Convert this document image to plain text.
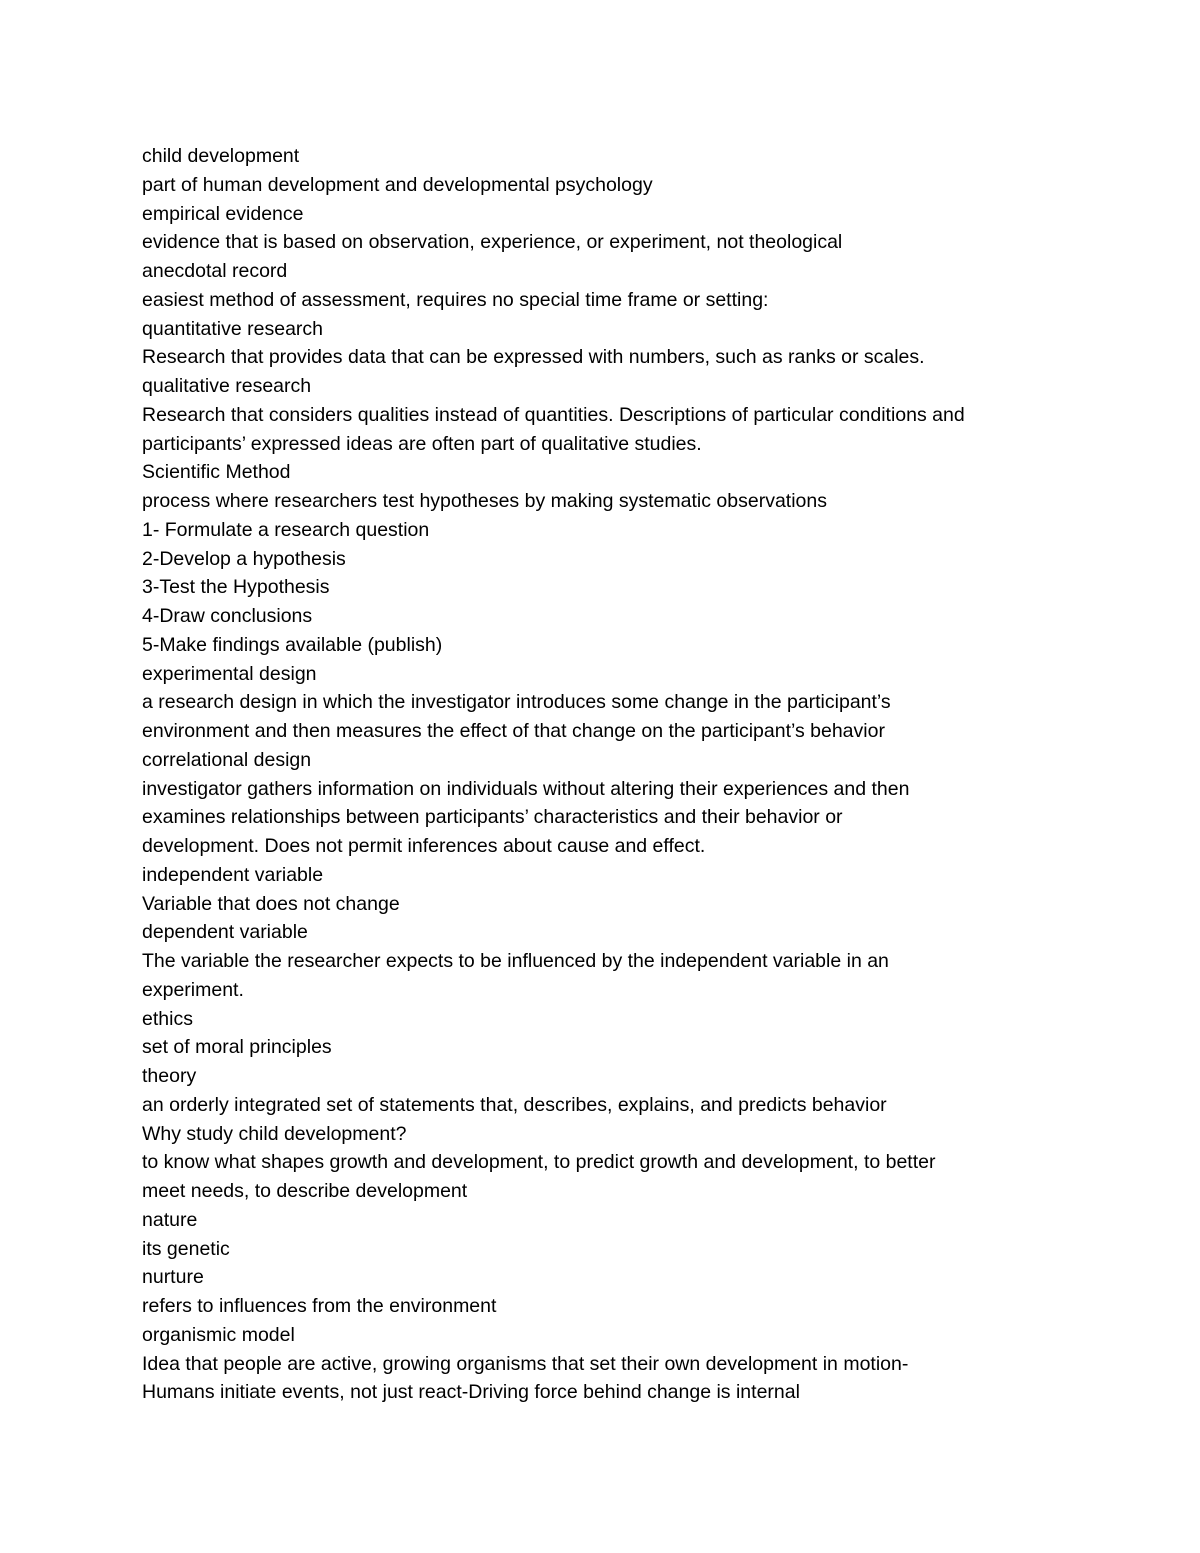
child development

part of human development and developmental psychology

empirical evidence

evidence that is based on observation, experience, or experiment, not theological

anecdotal record

easiest method of assessment, requires no special time frame or setting:

quantitative research

Research that provides data that can be expressed with numbers, such as ranks or scales.

qualitative research

Research that considers qualities instead of quantities. Descriptions of particular conditions and

participants’ expressed ideas are often part of qualitative studies.

Scientific Method

process where researchers test hypotheses by making systematic observations

1- Formulate a research question

2-Develop a hypothesis

3-Test the Hypothesis

4-Draw conclusions

5-Make findings available (publish)

experimental design

a research design in which the investigator introduces some change in the participant’s

environment and then measures the effect of that change on the participant’s behavior

correlational design

investigator gathers information on individuals without altering their experiences and then

examines relationships between participants’ characteristics and their behavior or

development. Does not permit inferences about cause and effect.

independent variable

Variable that does not change

dependent variable

The variable the researcher expects to be influenced by the independent variable in an

experiment.

ethics

set of moral principles

theory

an orderly integrated set of statements that, describes, explains, and predicts behavior

Why study child development?

to know what shapes growth and development, to predict growth and development, to better

meet needs, to describe development

nature

its genetic

nurture

refers to influences from the environment

organismic model

Idea that people are active, growing organisms that set their own development in motion-

Humans initiate events, not just react-Driving force behind change is internal
